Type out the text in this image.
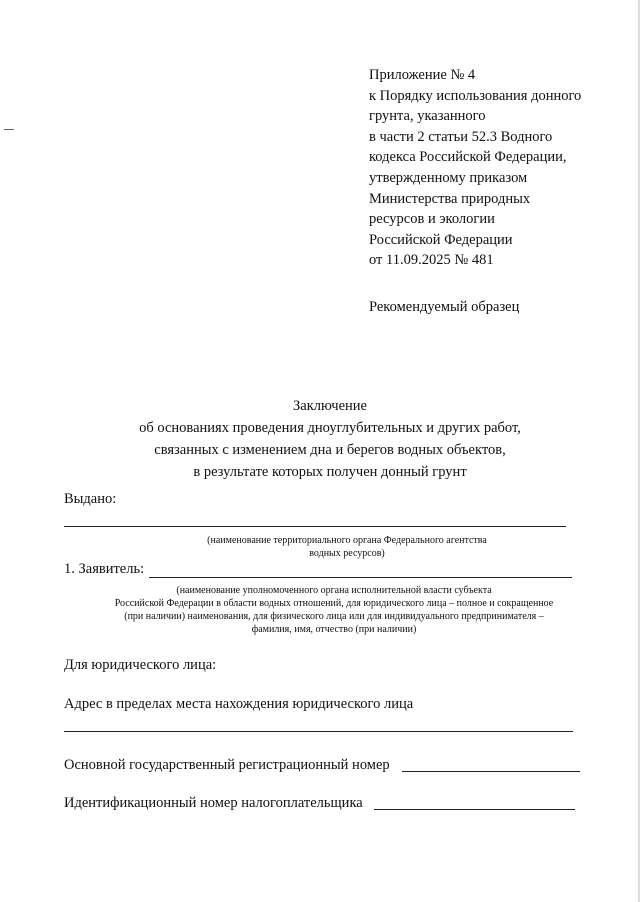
Приложение № 4
к Порядку использования донного
грунта, указанного
в части 2 статьи 52.3 Водного
кодекса Российской Федерации,
утвержденному приказом
Министерства природных
ресурсов и экологии
Российской Федерации
от 11.09.2025 № 481
Рекомендуемый образец
Заключение
об основаниях проведения дноуглубительных и других работ,
связанных с изменением дна и берегов водных объектов,
в результате которых получен донный грунт
Выдано:
(наименование территориального органа Федерального агентства
водных ресурсов)
1. Заявитель:
(наименование уполномоченного органа исполнительной власти субъекта
Российской Федерации в области водных отношений, для юридического лица – полное и сокращенное
(при наличии) наименования, для физического лица или для индивидуального предпринимателя –
фамилия, имя, отчество (при наличии)
Для юридического лица:
Адрес в пределах места нахождения юридического лица
Основной государственный регистрационный номер
Идентификационный номер налогоплательщика
